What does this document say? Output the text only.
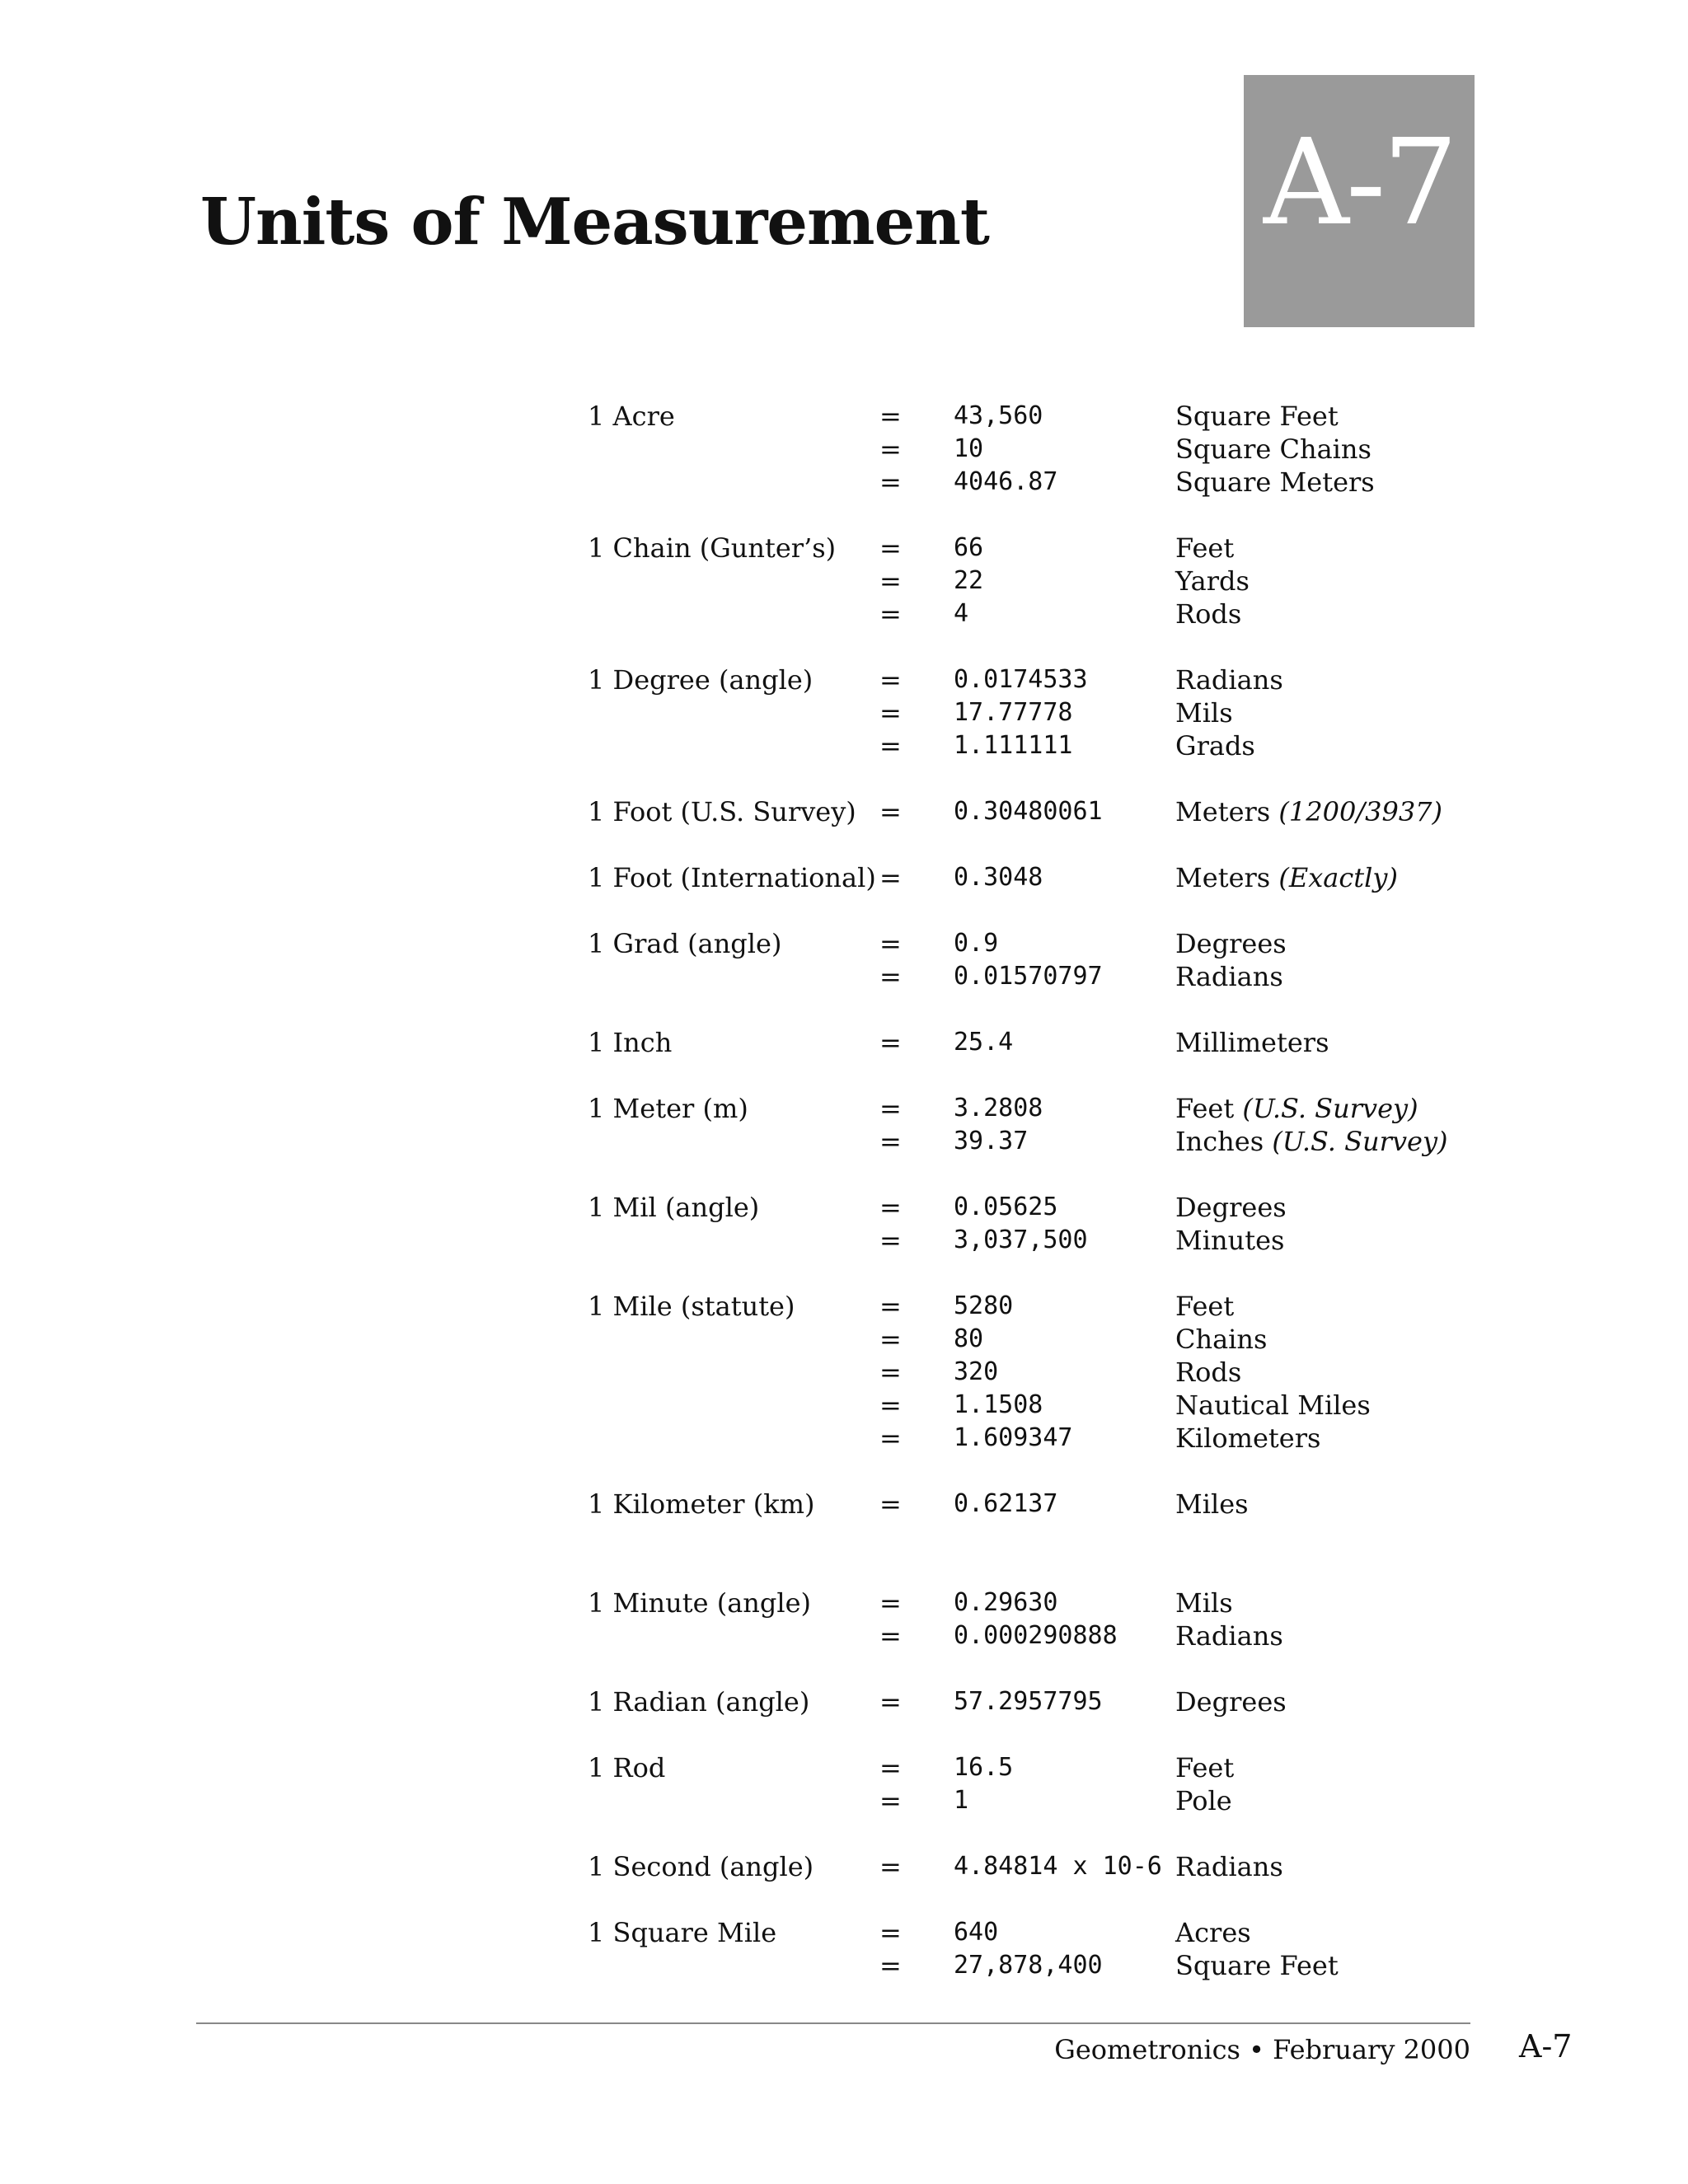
Units of Measurement A-7
1 Acre	= 43,560	Square Feet
= 10	Square Chains
= 4046.87	Square Meters
1 Chain (Gunter’s) = 66	Feet
= 22	Yards
= 4	Rods
1 Degree (angle)	= 0.0174533	Radians
= 17.77778	Mils
= 1.111111	Grads
1 Foot (U.S. Survey) = 0.30480061	Meters (1200/3937)
1 Foot (International) = 0.3048	Meters (Exactly)
1 Grad (angle)	= 0.9	Degrees
= 0.01570797	Radians
1 Inch	= 25.4	Millimeters
1 Meter (m)	= 3.2808	Feet (U.S. Survey)
= 39.37	Inches (U.S. Survey)
1 Mil (angle)	= 0.05625	Degrees
= 3,037,500	Minutes
1 Mile (statute)	= 5280	Feet
= 80	Chains
= 320	Rods
= 1.1508	Nautical Miles
= 1.609347	Kilometers
1 Kilometer (km) = 0.62137	Miles
1 Minute (angle)	= 0.29630	Mils
= 0.000290888 Radians
1 Radian (angle)	= 57.2957795	Degrees
1 Rod	= 16.5	Feet
= 1	Pole
1 Second (angle) = 4.84814 x 10-6 Radians
1 Square Mile	= 640	Acres
= 27,878,400	Square Feet
Geometronics • February 2000 A-7
